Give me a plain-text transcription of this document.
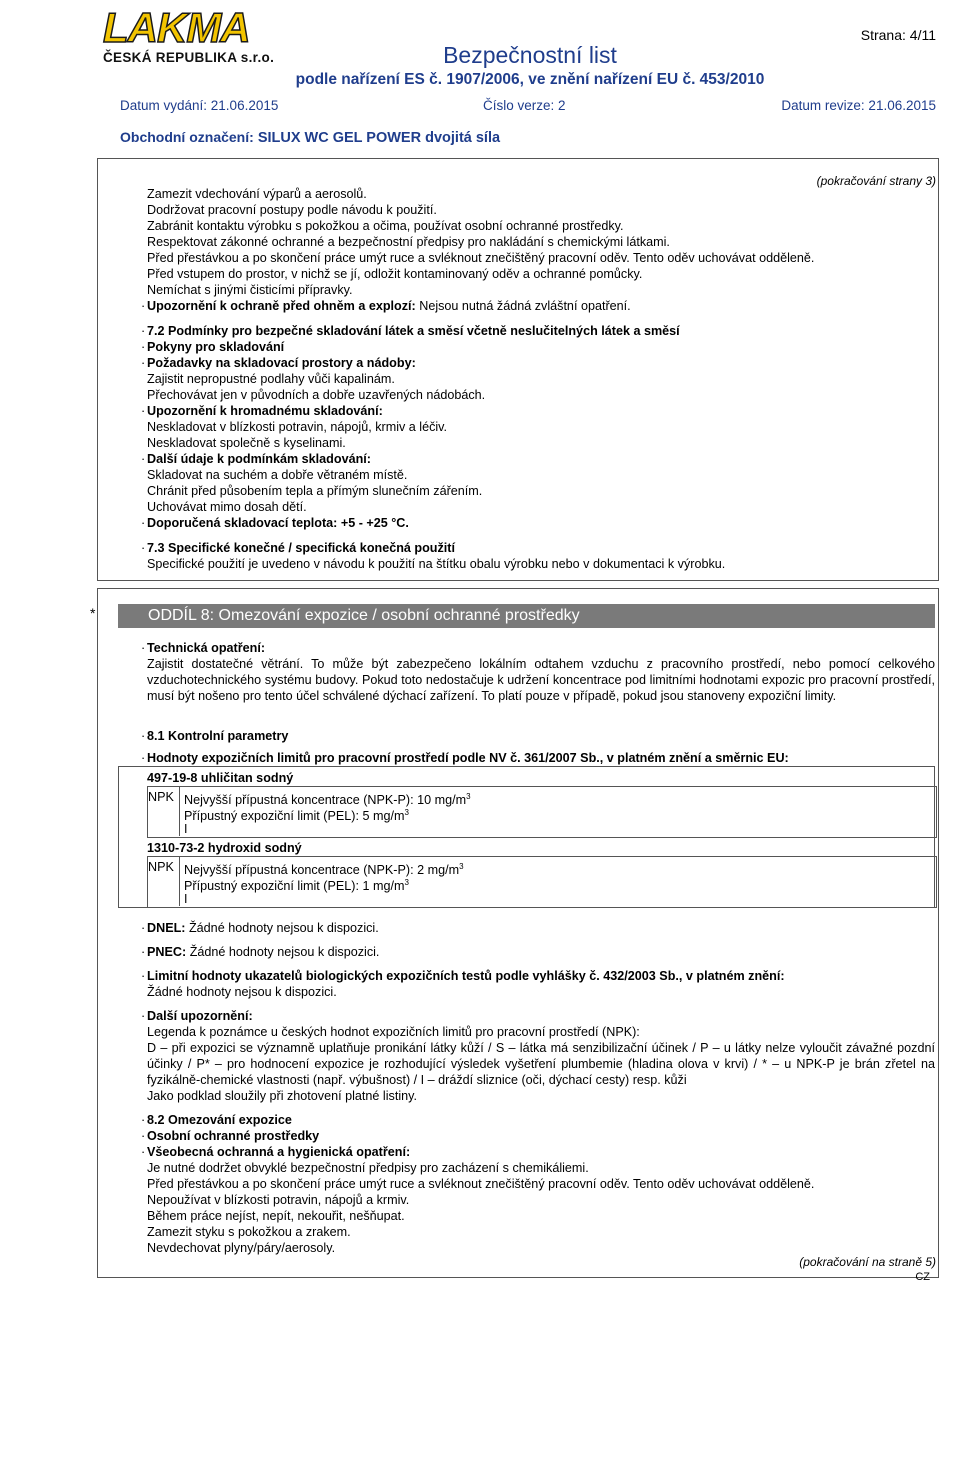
LAKMA
ČESKÁ REPUBLIKA s.r.o.
Strana: 4/11
Bezpečnostní list
podle nařízení ES č. 1907/2006, ve znění nařízení EU č. 453/2010
Datum vydání: 21.06.2015	Číslo verze: 2	Datum revize: 21.06.2015
Obchodní označení: SILUX WC GEL POWER dvojitá síla
(pokračování strany 3)
Zamezit vdechování výparů a aerosolů.
Dodržovat pracovní postupy podle návodu k použití.
Zabránit kontaktu výrobku s pokožkou a očima, používat osobní ochranné prostředky.
Respektovat zákonné ochranné a bezpečnostní předpisy pro nakládání s chemickými látkami.
Před přestávkou a po skončení práce umýt ruce a svléknout znečištěný pracovní oděv. Tento oděv uchovávat odděleně.
Před vstupem do prostor, v nichž se jí, odložit kontaminovaný oděv a ochranné pomůcky.
Nemíchat s jinými čisticími přípravky.
· Upozornění k ochraně před ohněm a explozí: Nejsou nutná žádná zvláštní opatření.
· 7.2 Podmínky pro bezpečné skladování látek a směsí včetně neslučitelných látek a směsí
· Pokyny pro skladování
· Požadavky na skladovací prostory a nádoby:
Zajistit nepropustné podlahy vůči kapalinám.
Přechovávat jen v původních a dobře uzavřených nádobách.
· Upozornění k hromadnému skladování:
Neskladovat v blízkosti potravin, nápojů, krmiv a léčiv.
Neskladovat společně s kyselinami.
· Další údaje k podmínkám skladování:
Skladovat na suchém a dobře větraném místě.
Chránit před působením tepla a přímým slunečním zářením.
Uchovávat mimo dosah dětí.
· Doporučená skladovací teplota: +5 - +25 °C.
· 7.3 Specifické konečné / specifická konečná použití
Specifické použití je uvedeno v návodu k použití na štítku obalu výrobku nebo v dokumentaci k výrobku.
*	ODDÍL 8: Omezování expozice / osobní ochranné prostředky
· Technická opatření:
Zajistit dostatečné větrání. To může být zabezpečeno lokálním odtahem vzduchu z pracovního prostředí, nebo pomocí celkového vzduchotechnického systému budovy. Pokud toto nedostačuje k udržení koncentrace pod limitními hodnotami expozic pro pracovní prostředí, musí být nošeno pro tento účel schválené dýchací zařízení. To platí pouze v případě, pokud jsou stanoveny expoziční limity.
· 8.1 Kontrolní parametry
· Hodnoty expozičních limitů pro pracovní prostředí podle NV č. 361/2007 Sb., v platném znění a směrnic EU:
497-19-8 uhličitan sodný
NPK Nejvyšší přípustná koncentrace (NPK-P): 10 $mg/m^3$
Přípustný expoziční limit (PEL): 5 $mg/m^3$
I
1310-73-2 hydroxid sodný
NPK Nejvyšší přípustná koncentrace (NPK-P): 2 $mg/m^3$
Přípustný expoziční limit (PEL): 1 $mg/m^3$
I
· DNEL: Žádné hodnoty nejsou k dispozici.
· PNEC: Žádné hodnoty nejsou k dispozici.
· Limitní hodnoty ukazatelů biologických expozičních testů podle vyhlášky č. 432/2003 Sb., v platném znění:
Žádné hodnoty nejsou k dispozici.
· Další upozornění:
Legenda k poznámce u českých hodnot expozičních limitů pro pracovní prostředí (NPK):
D – při expozici se významně uplatňuje pronikání látky kůží / S – látka má senzibilizační účinek / P – u látky nelze vyloučit závažné pozdní účinky / P* – pro hodnocení expozice je rozhodující výsledek vyšetření plumbemie (hladina olova v krvi) / * – u NPK-P je brán zřetel na fyzikálně-chemické vlastnosti (např. výbušnost) / I – dráždí sliznice (oči, dýchací cesty) resp. kůži
Jako podklad sloužily při zhotovení platné listiny.
· 8.2 Omezování expozice
· Osobní ochranné prostředky
· Všeobecná ochranná a hygienická opatření:
Je nutné dodržet obvyklé bezpečnostní předpisy pro zacházení s chemikáliemi.
Před přestávkou a po skončení práce umýt ruce a svléknout znečištěný pracovní oděv. Tento oděv uchovávat odděleně.
Nepoužívat v blízkosti potravin, nápojů a krmiv.
Během práce nejíst, nepít, nekouřit, nešňupat.
Zamezit styku s pokožkou a zrakem.
Nevdechovat plyny/páry/aerosoly.
(pokračování na straně 5)
CZ
